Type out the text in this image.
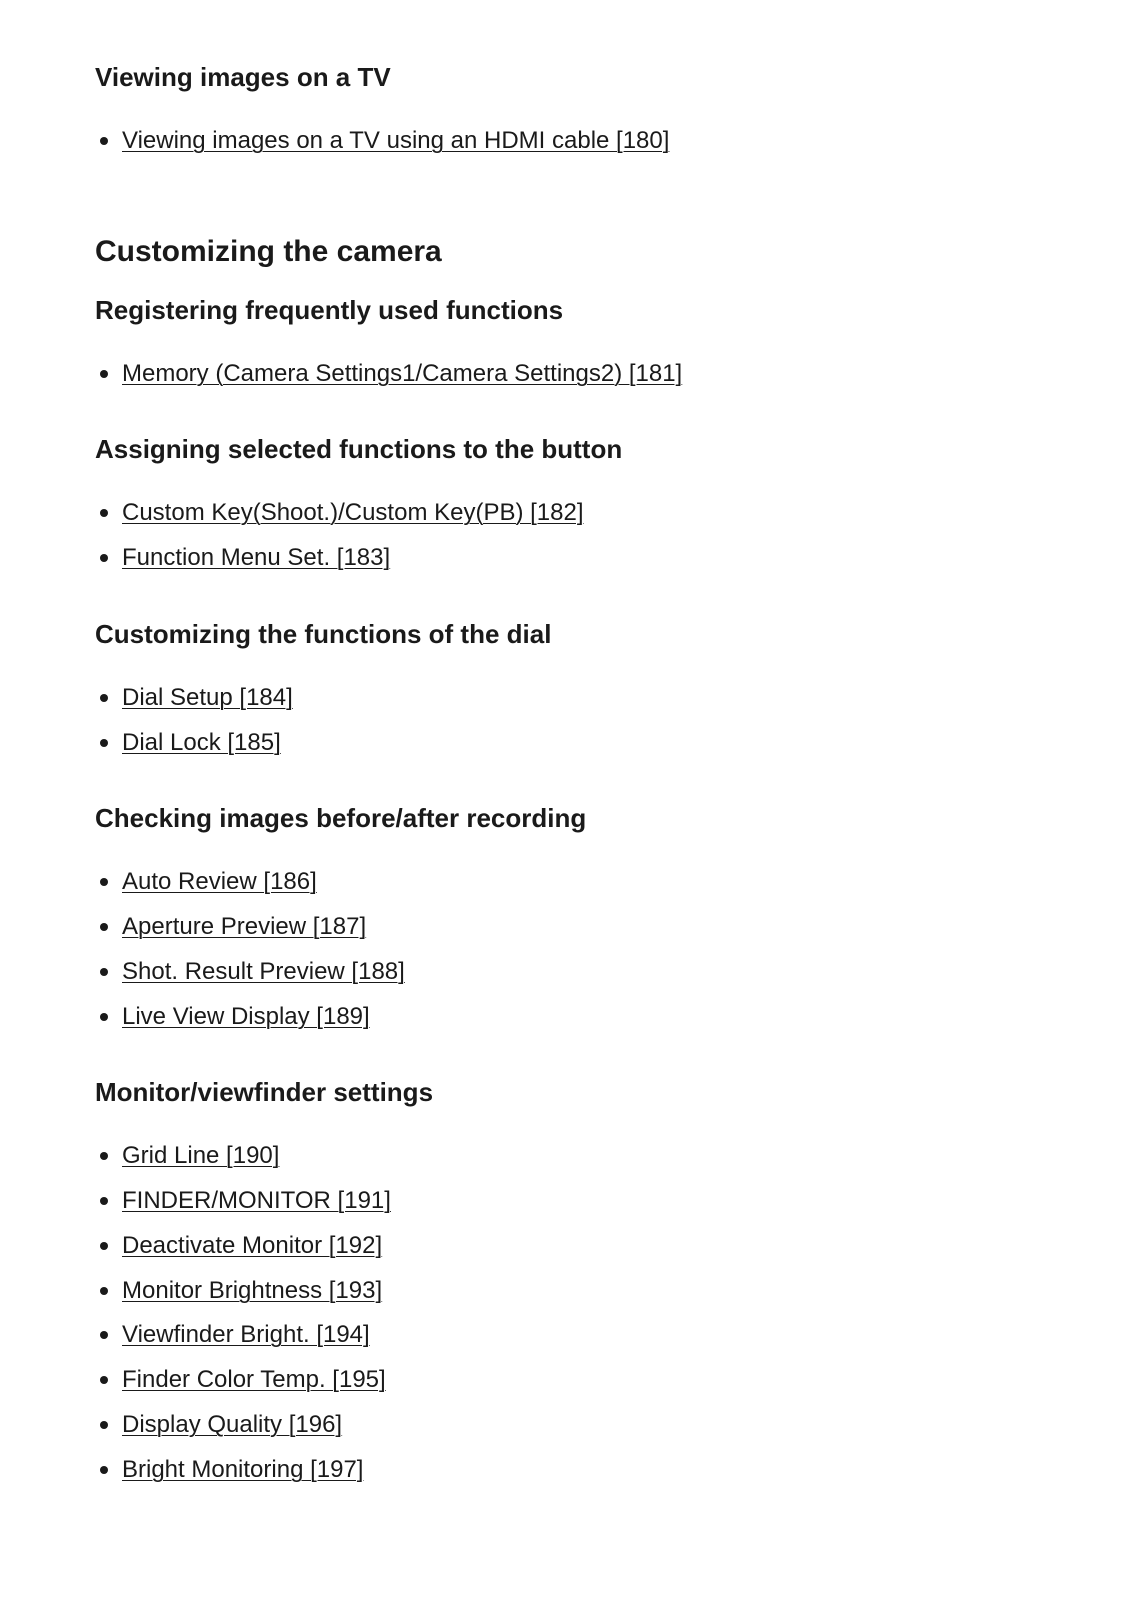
Viewing images on a TV
Viewing images on a TV using an HDMI cable [180]
Customizing the camera
Registering frequently used functions
Memory (Camera Settings1/Camera Settings2) [181]
Assigning selected functions to the button
Custom Key(Shoot.)/Custom Key(PB) [182]
Function Menu Set. [183]
Customizing the functions of the dial
Dial Setup [184]
Dial Lock [185]
Checking images before/after recording
Auto Review [186]
Aperture Preview [187]
Shot. Result Preview [188]
Live View Display [189]
Monitor/viewfinder settings
Grid Line [190]
FINDER/MONITOR [191]
Deactivate Monitor [192]
Monitor Brightness [193]
Viewfinder Bright. [194]
Finder Color Temp. [195]
Display Quality [196]
Bright Monitoring [197]
